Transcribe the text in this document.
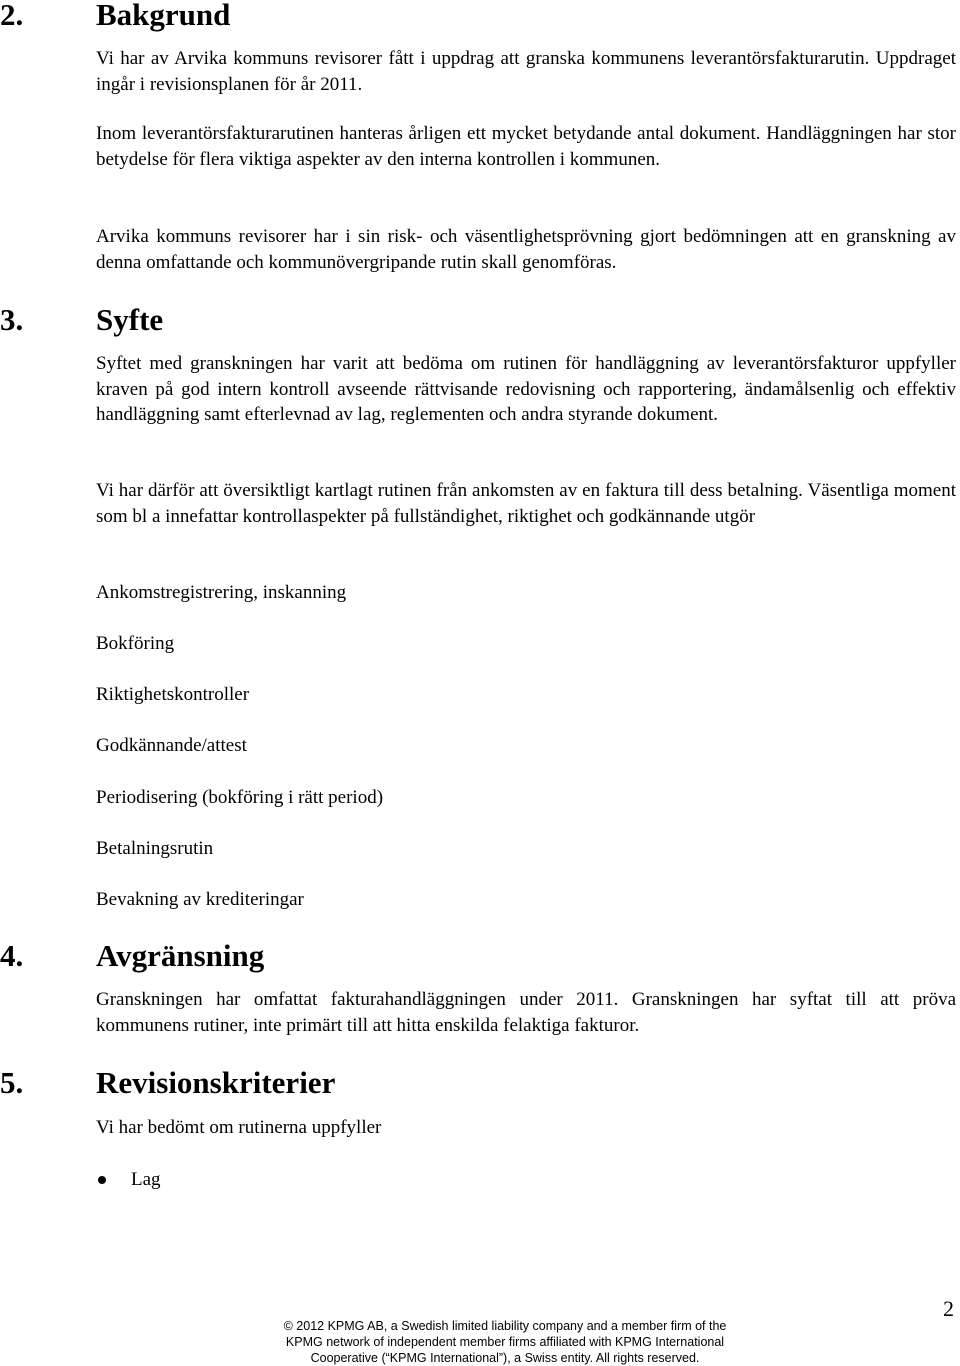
2. Bakgrund
Vi har av Arvika kommuns revisorer fått i uppdrag att granska kommunens leverantörsfakturarutin. Uppdraget ingår i revisionsplanen för år 2011.
Inom leverantörsfakturarutinen hanteras årligen ett mycket betydande antal dokument. Handläggningen har stor betydelse för flera viktiga aspekter av den interna kontrollen i kommunen.
Arvika kommuns revisorer har i sin risk- och väsentlighetsprövning gjort bedömningen att en granskning av denna omfattande och kommunövergripande rutin skall genomföras.
3. Syfte
Syftet med granskningen har varit att bedöma om rutinen för handläggning av leverantörsfakturor uppfyller kraven på god intern kontroll avseende rättvisande redovisning och rapportering, ändamålsenlig och effektiv handläggning samt efterlevnad av lag, reglementen och andra styrande dokument.
Vi har därför att översiktligt kartlagt rutinen från ankomsten av en faktura till dess betalning. Väsentliga moment som bl a innefattar kontrollaspekter på fullständighet, riktighet och godkännande utgör
Ankomstregistrering, inskanning
Bokföring
Riktighetskontroller
Godkännande/attest
Periodisering (bokföring i rätt period)
Betalningsrutin
Bevakning av krediteringar
4. Avgränsning
Granskningen har omfattat fakturahandläggningen under 2011. Granskningen har syftat till att pröva kommunens rutiner, inte primärt till att hitta enskilda felaktiga fakturor.
5. Revisionskriterier
Vi har bedömt om rutinerna uppfyller
Lag
2
© 2012 KPMG AB, a Swedish limited liability company and a member firm of the
KPMG network of independent member firms affiliated with KPMG International
Cooperative (“KPMG International”), a Swiss entity. All rights reserved.
